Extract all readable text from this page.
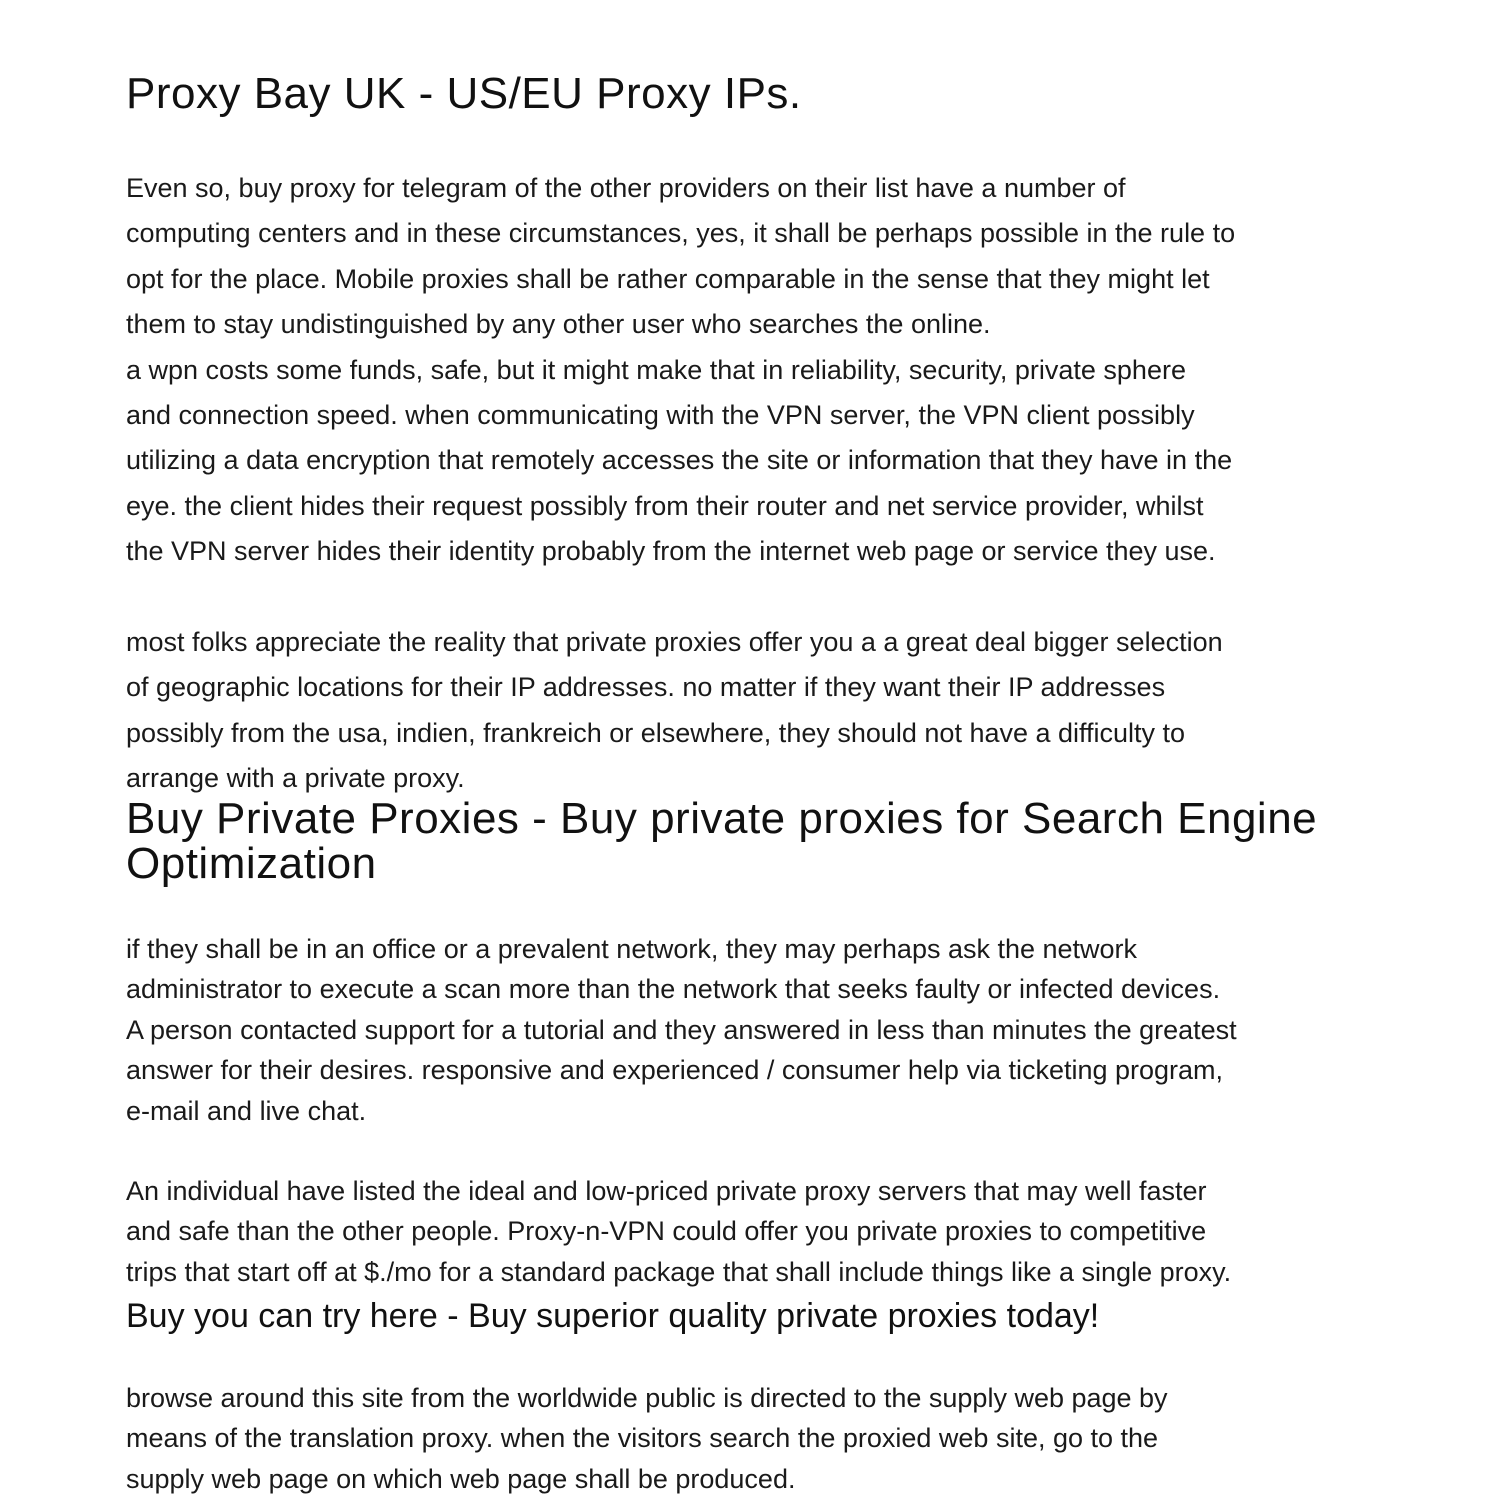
Proxy Bay UK - US/EU Proxy IPs.

Even so, buy proxy for telegram of the other providers on their list have a number of
computing centers and in these circumstances, yes, it shall be perhaps possible in the rule to
opt for the place. Mobile proxies shall be rather comparable in the sense that they might let
them to stay undistinguished by any other user who searches the online.
a wpn costs some funds, safe, but it might make that in reliability, security, private sphere
and connection speed. when communicating with the VPN server, the VPN client possibly
utilizing a data encryption that remotely accesses the site or information that they have in the
eye. the client hides their request possibly from their router and net service provider, whilst
the VPN server hides their identity probably from the internet web page or service they use.

most folks appreciate the reality that private proxies offer you a a great deal bigger selection
of geographic locations for their IP addresses. no matter if they want their IP addresses
possibly from the usa, indien, frankreich or elsewhere, they should not have a difficulty to
arrange with a private proxy.

Buy Private Proxies - Buy private proxies for Search Engine
Optimization

if they shall be in an office or a prevalent network, they may perhaps ask the network
administrator to execute a scan more than the network that seeks faulty or infected devices.
A person contacted support for a tutorial and they answered in less than minutes the greatest
answer for their desires. responsive and experienced / consumer help via ticketing program,
e-mail and live chat.

An individual have listed the ideal and low-priced private proxy servers that may well faster
and safe than the other people. Proxy-n-VPN could offer you private proxies to competitive
trips that start off at $./mo for a standard package that shall include things like a single proxy.

Buy you can try here - Buy superior quality private proxies today!

browse around this site from the worldwide public is directed to the supply web page by
means of the translation proxy. when the visitors search the proxied web site, go to the
supply web page on which web page shall be produced.
